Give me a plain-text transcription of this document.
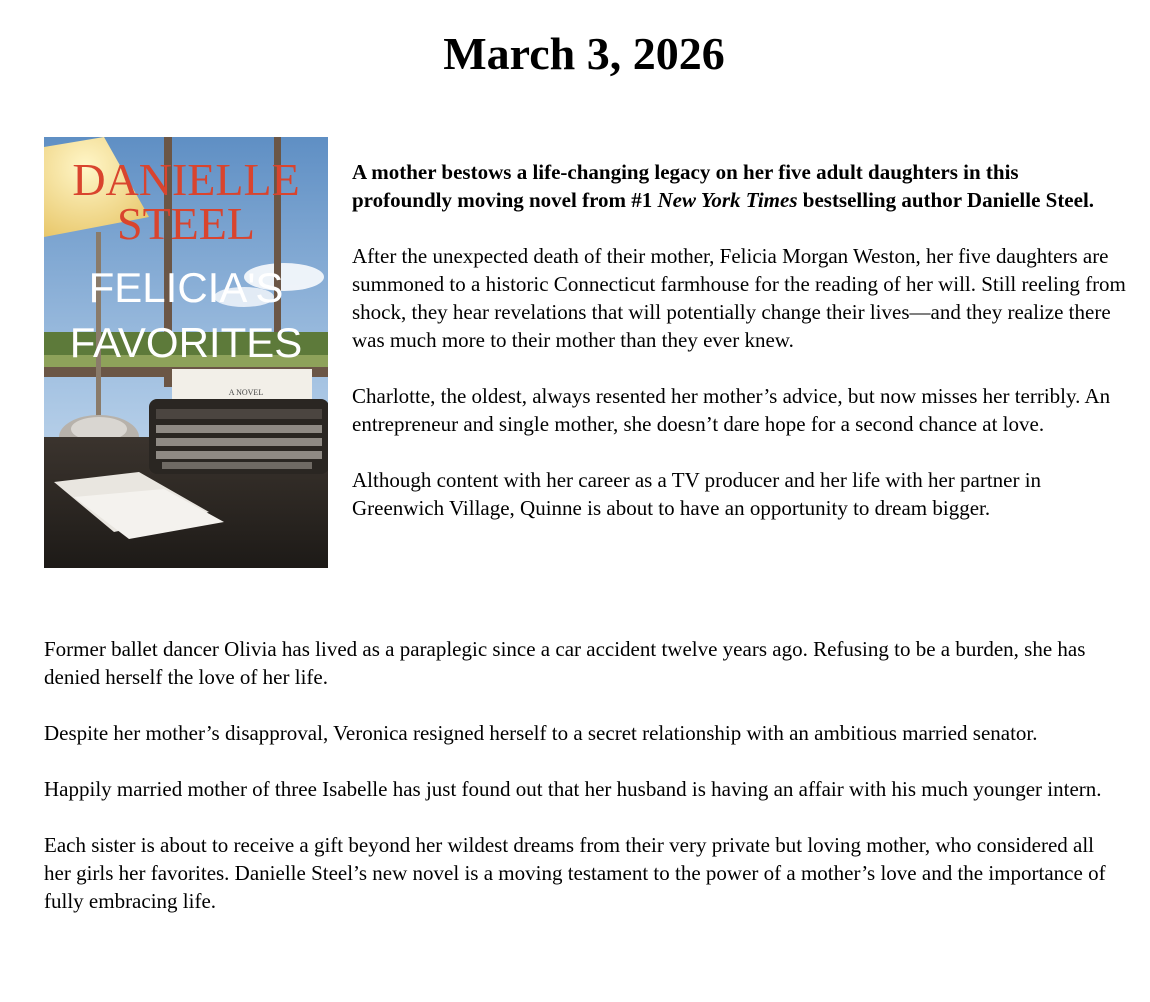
March 3, 2026
DANIELLE
STEEL
FELICIA'S
FAVORITES
A NOVEL

A mother bestows a life-changing legacy on her five adult daughters in this profoundly moving novel from #1 New York Times bestselling author Danielle Steel.

After the unexpected death of their mother, Felicia Morgan Weston, her five daughters are summoned to a historic Connecticut farmhouse for the reading of her will. Still reeling from shock, they hear revelations that will potentially change their lives—and they realize there was much more to their mother than they ever knew.

Charlotte, the oldest, always resented her mother’s advice, but now misses her terribly. An entrepreneur and single mother, she doesn’t dare hope for a second chance at love.

Although content with her career as a TV producer and her life with her partner in Greenwich Village, Quinne is about to have an opportunity to dream bigger.

Former ballet dancer Olivia has lived as a paraplegic since a car accident twelve years ago. Refusing to be a burden, she has denied herself the love of her life.

Despite her mother’s disapproval, Veronica resigned herself to a secret relationship with an ambitious married senator.

Happily married mother of three Isabelle has just found out that her husband is having an affair with his much younger intern.

Each sister is about to receive a gift beyond her wildest dreams from their very private but loving mother, who considered all her girls her favorites. Danielle Steel’s new novel is a moving testament to the power of a mother’s love and the importance of fully embracing life.
